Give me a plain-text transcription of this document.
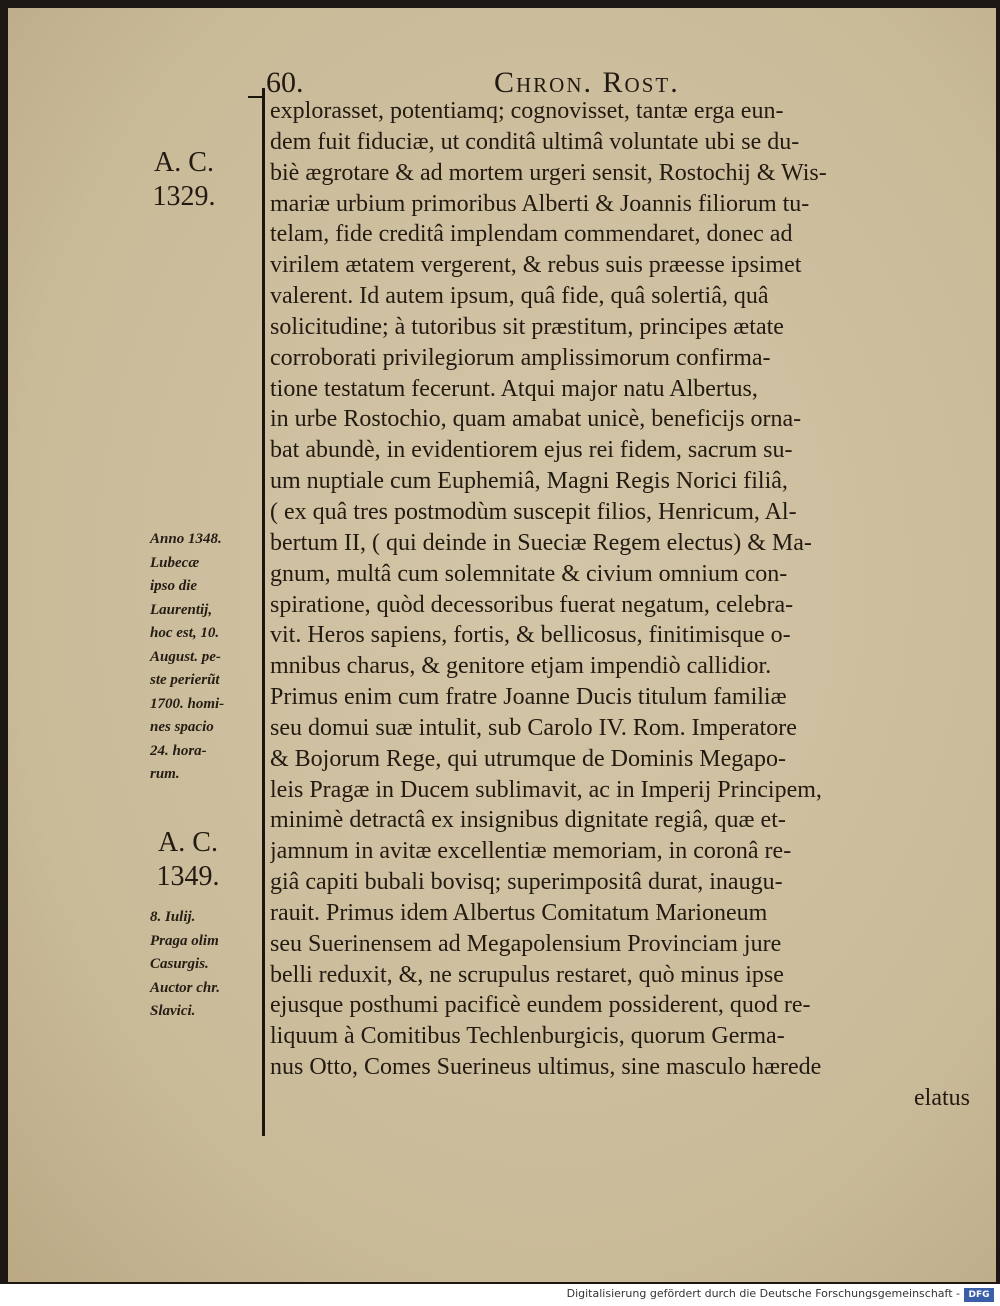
60.	Chron. Rost.
A. C.
1329.
Anno 1348.
Lubecæ
ipso die
Laurentij,
hoc est, 10.
August. pe-
ste perierũt
1700. homi-
nes spacio
24. hora-
rum.
A. C.
1349.
8. Iulij.
Praga olim
Casurgis.
Auctor chr.
Slavici.
explorasset, potentiamq; cognovisset, tantæ erga eun-
dem fuit fiduciæ, ut conditâ ultimâ voluntate ubi se du-
biè ægrotare & ad mortem urgeri sensit, Rostochij & Wis-
mariæ urbium primoribus Alberti & Joannis filiorum tu-
telam, fide creditâ implendam commendaret, donec ad
virilem ætatem vergerent, & rebus suis præesse ipsimet
valerent. Id autem ipsum, quâ fide, quâ solertiâ, quâ
solicitudine; à tutoribus sit præstitum, principes ætate
corroborati privilegiorum amplissimorum confirma-
tione testatum fecerunt. Atqui major natu Albertus,
in urbe Rostochio, quam amabat unicè, beneficijs orna-
bat abundè, in evidentiorem ejus rei fidem, sacrum su-
um nuptiale cum Euphemiâ, Magni Regis Norici filiâ,
( ex quâ tres postmodùm suscepit filios, Henricum, Al-
bertum II, ( qui deinde in Sueciæ Regem electus) & Ma-
gnum, multâ cum solemnitate & civium omnium con-
spiratione, quòd decessoribus fuerat negatum, celebra-
vit. Heros sapiens, fortis, & bellicosus, finitimisque o-
mnibus charus, & genitore etjam impendiò callidior.
Primus enim cum fratre Joanne Ducis titulum familiæ
seu domui suæ intulit, sub Carolo IV. Rom. Imperatore
& Bojorum Rege, qui utrumque de Dominis Megapo-
leis Pragæ in Ducem sublimavit, ac in Imperij Principem,
minimè detractâ ex insignibus dignitate regiâ, quæ et-
jamnum in avitæ excellentiæ memoriam, in coronâ re-
giâ capiti bubali bovisq; superimpositâ durat, inaugu-
rauit. Primus idem Albertus Comitatum Marioneum
seu Suerinensem ad Megapolensium Provinciam jure
belli reduxit, &, ne scrupulus restaret, quò minus ipse
ejusque posthumi pacificè eundem possiderent, quod re-
liquum à Comitibus Techlenburgicis, quorum Germa-
nus Otto, Comes Suerineus ultimus, sine masculo hærede
elatus
Digitalisierung gefördert durch die Deutsche Forschungsgemeinschaft - DFG
